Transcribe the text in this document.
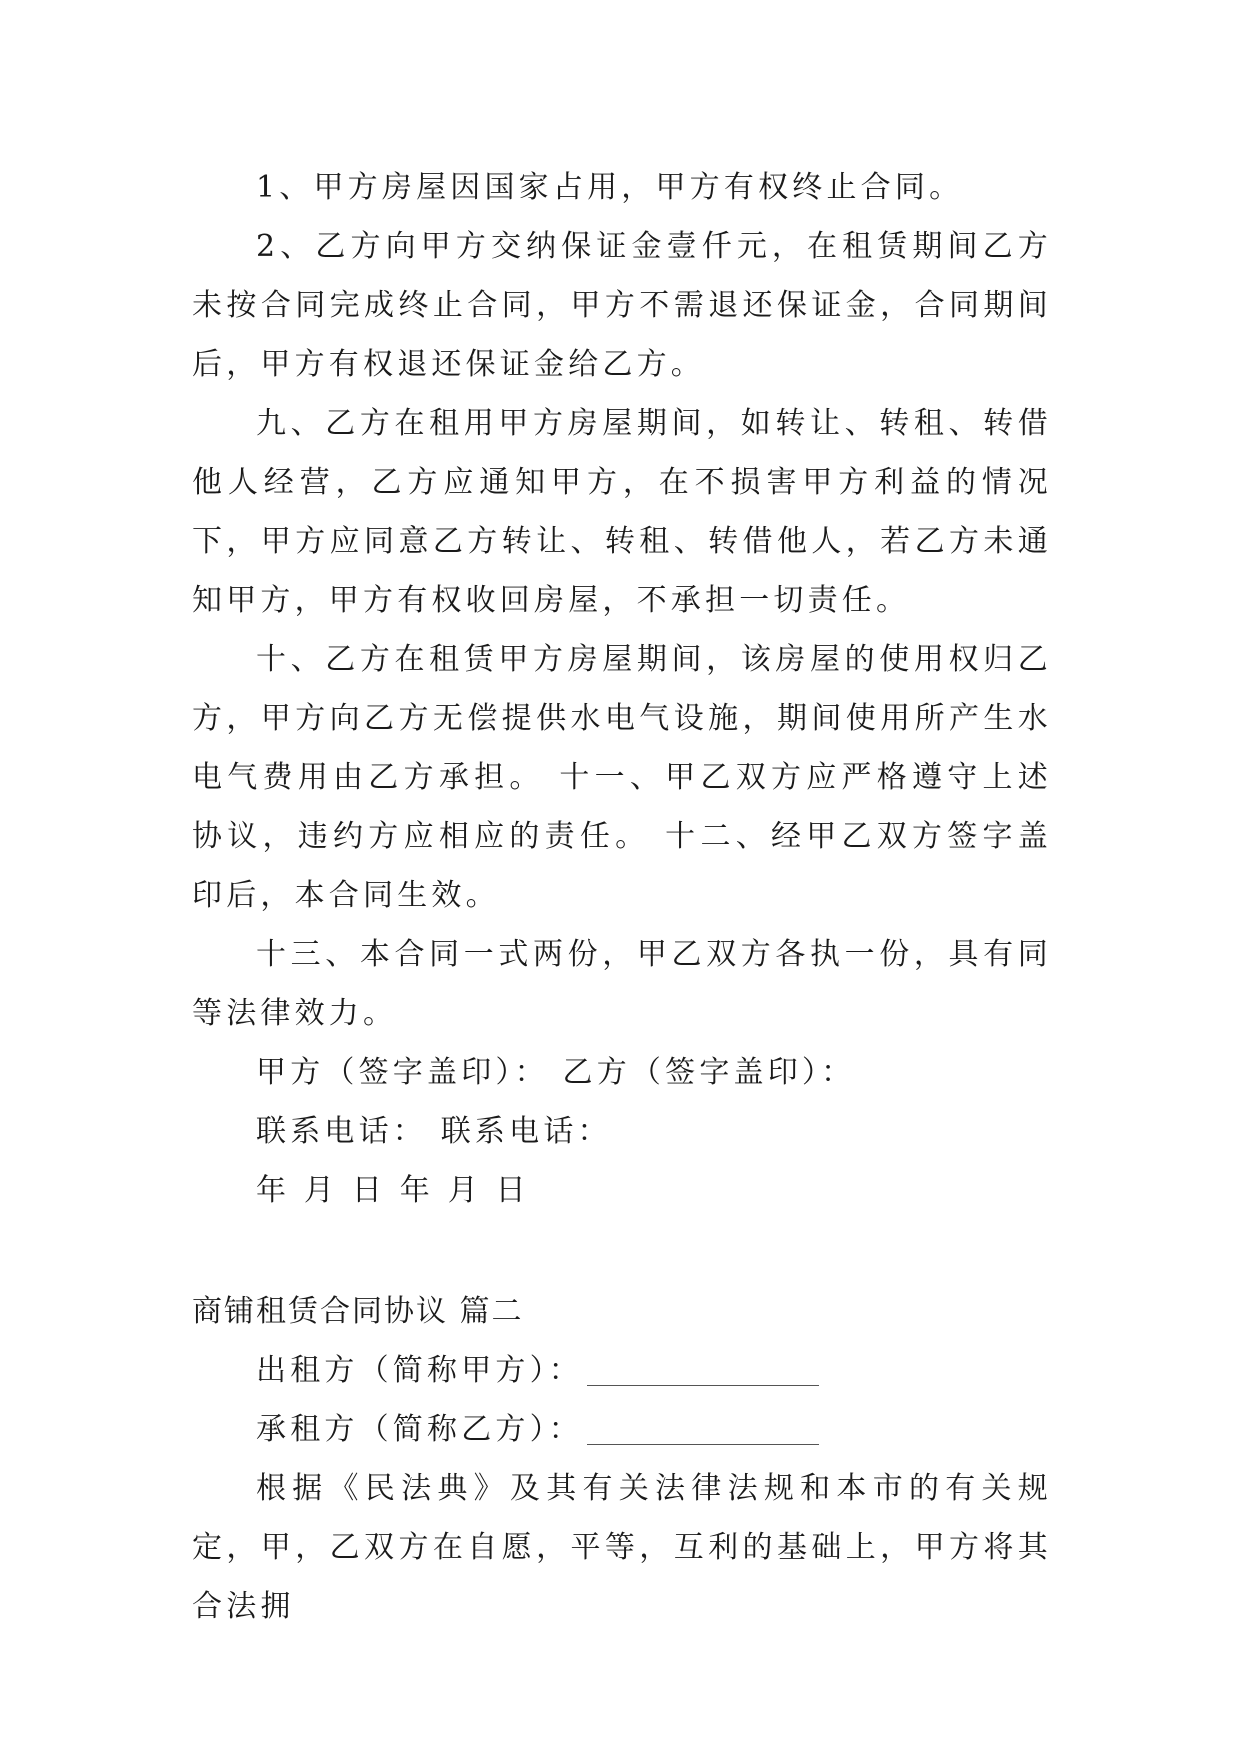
1、甲方房屋因国家占用，甲方有权终止合同。

2、乙方向甲方交纳保证金壹仟元，在租赁期间乙方未按合同完成终止合同，甲方不需退还保证金，合同期间后，甲方有权退还保证金给乙方。

九、乙方在租用甲方房屋期间，如转让、转租、转借他人经营，乙方应通知甲方，在不损害甲方利益的情况下，甲方应同意乙方转让、转租、转借他人，若乙方未通知甲方，甲方有权收回房屋，不承担一切责任。

十、乙方在租赁甲方房屋期间，该房屋的使用权归乙方，甲方向乙方无偿提供水电气设施，期间使用所产生水电气费用由乙方承担。 十一、甲乙双方应严格遵守上述协议，违约方应相应的责任。 十二、经甲乙双方签字盖印后，本合同生效。

十三、本合同一式两份，甲乙双方各执一份，具有同等法律效力。

甲方（签字盖印）： 乙方（签字盖印）：

联系电话： 联系电话：

年 月 日 年 月 日

商铺租赁合同协议 篇二

出租方（简称甲方）：

承租方（简称乙方）：

根据《民法典》及其有关法律法规和本市的有关规定，甲，乙双方在自愿，平等，互利的基础上，甲方将其合法拥
